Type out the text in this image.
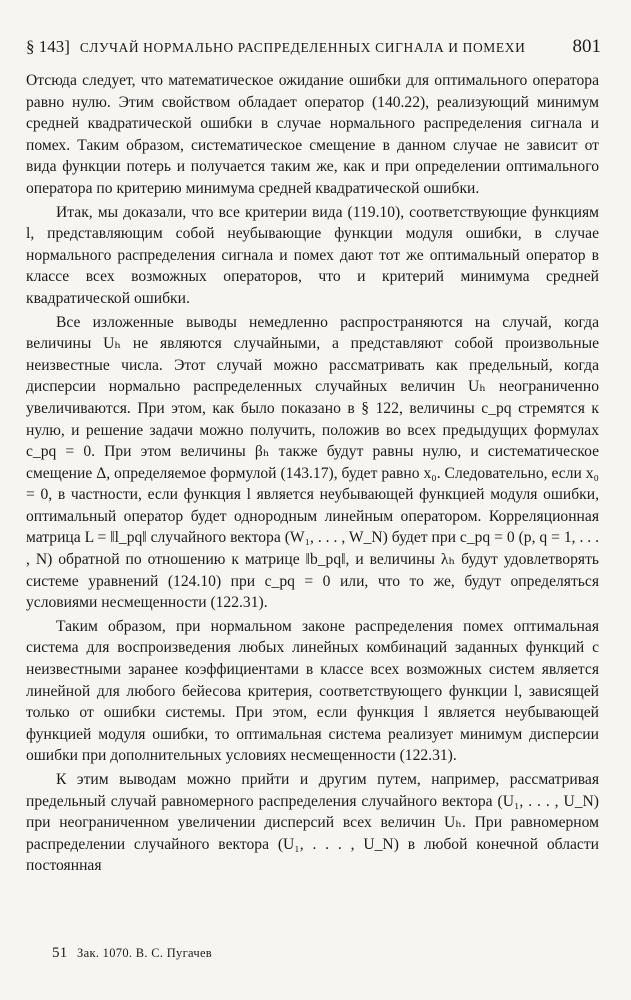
§ 143] СЛУЧАЙ НОРМАЛЬНО РАСПРЕДЕЛЕННЫХ СИГНАЛА И ПОМЕХИ	801

Отсюда следует, что математическое ожидание ошибки для оптимального оператора равно нулю. Этим свойством обладает оператор (140.22), реализующий минимум средней квадратической ошибки в случае нормального распределения сигнала и помех. Таким образом, систематическое смещение в данном случае не зависит от вида функции потерь и получается таким же, как и при определении оптимального оператора по критерию минимума средней квадратической ошибки.

Итак, мы доказали, что все критерии вида (119.10), соответствующие функциям l, представляющим собой неубывающие функции модуля ошибки, в случае нормального распределения сигнала и помех дают тот же оптимальный оператор в классе всех возможных операторов, что и критерий минимума средней квадратической ошибки.

Все изложенные выводы немедленно распространяются на случай, когда величины Uₕ не являются случайными, а представляют собой произвольные неизвестные числа. Этот случай можно рассматривать как предельный, когда дисперсии нормально распределенных случайных величин Uₕ неограниченно увеличиваются. При этом, как было показано в § 122, величины c_pq стремятся к нулю, и решение задачи можно получить, положив во всех предыдущих формулах c_pq = 0. При этом величины βₕ также будут равны нулю, и систематическое смещение Δ, определяемое формулой (143.17), будет равно x₀. Следовательно, если x₀ = 0, в частности, если функция l является неубывающей функцией модуля ошибки, оптимальный оператор будет однородным линейным оператором. Корреляционная матрица L = ‖l_pq‖ случайного вектора (W₁, . . . , W_N) будет при c_pq = 0 (p, q = 1, . . . , N) обратной по отношению к матрице ‖b_pq‖, и величины λₕ будут удовлетворять системе уравнений (124.10) при c_pq = 0 или, что то же, будут определяться условиями несмещенности (122.31).

Таким образом, при нормальном законе распределения помех оптимальная система для воспроизведения любых линейных комбинаций заданных функций с неизвестными заранее коэффициентами в классе всех возможных систем является линейной для любого бейесова критерия, соответствующего функции l, зависящей только от ошибки системы. При этом, если функция l является неубывающей функцией модуля ошибки, то оптимальная система реализует минимум дисперсии ошибки при дополнительных условиях несмещенности (122.31).

К этим выводам можно прийти и другим путем, например, рассматривая предельный случай равномерного распределения случайного вектора (U₁, . . . , U_N) при неограниченном увеличении дисперсий всех величин Uₕ. При равномерном распределении случайного вектора (U₁, . . . , U_N) в любой конечной области постоянная

51 Зак. 1070. В. С. Пугачев
